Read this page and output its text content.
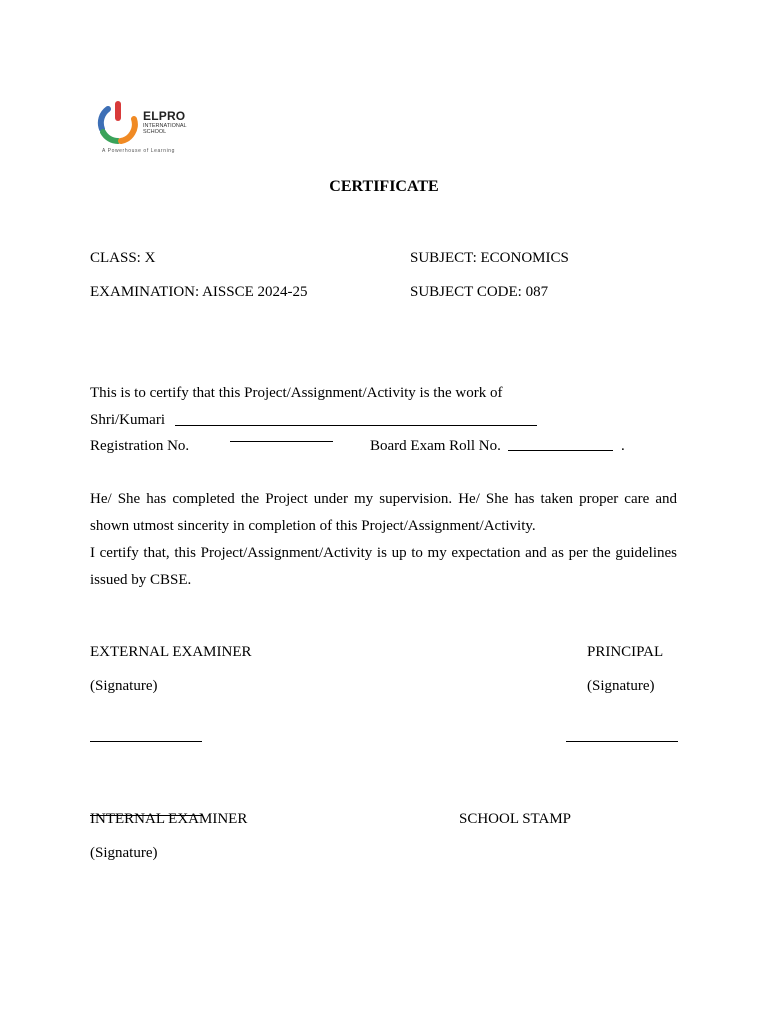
ELPRO
INTERNATIONAL SCHOOL
A Powerhouse of Learning
CERTIFICATE
CLASS: X	SUBJECT: ECONOMICS
EXAMINATION: AISSCE 2024-25	SUBJECT CODE: 087
This is to certify that this Project/Assignment/Activity is the work of
Shri/Kumari
Registration No.	Board Exam Roll No.	.
He/ She has completed the Project under my supervision. He/ She has taken proper care and shown utmost sincerity in completion of this Project/Assignment/Activity.
I certify that, this Project/Assignment/Activity is up to my expectation and as per the guidelines issued by CBSE.
EXTERNAL EXAMINER	PRINCIPAL
(Signature)	(Signature)
INTERNAL EXAMINER	SCHOOL STAMP
(Signature)
